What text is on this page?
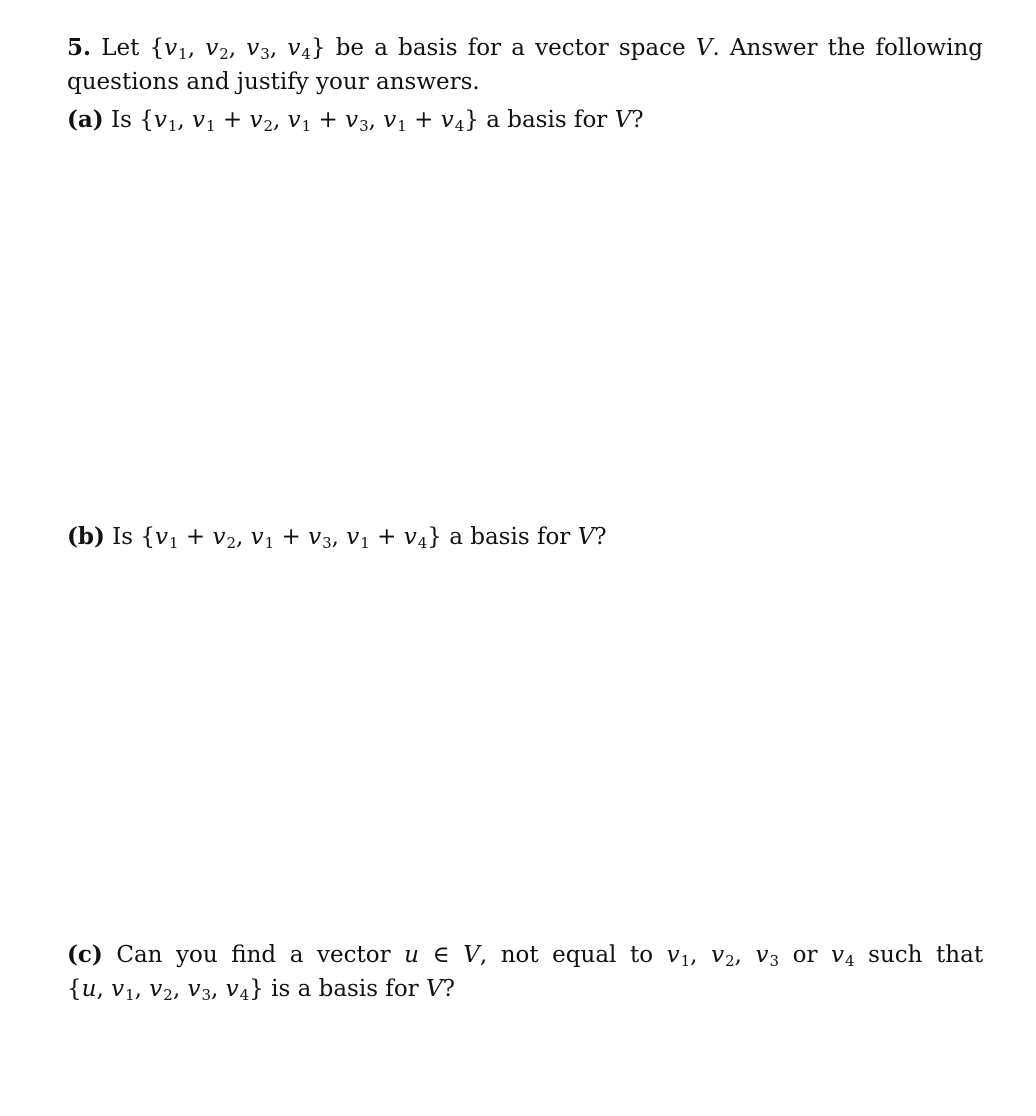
5. Let {v1, v2, v3, v4} be a basis for a vector space V. Answer the following
questions and justify your answers.
(a) Is {v1, v1 + v2, v1 + v3, v1 + v4} a basis for V?
(b) Is {v1 + v2, v1 + v3, v1 + v4} a basis for V?
(c) Can you find a vector u ∈ V, not equal to v1, v2, v3 or v4 such that
{u, v1, v2, v3, v4} is a basis for V?
